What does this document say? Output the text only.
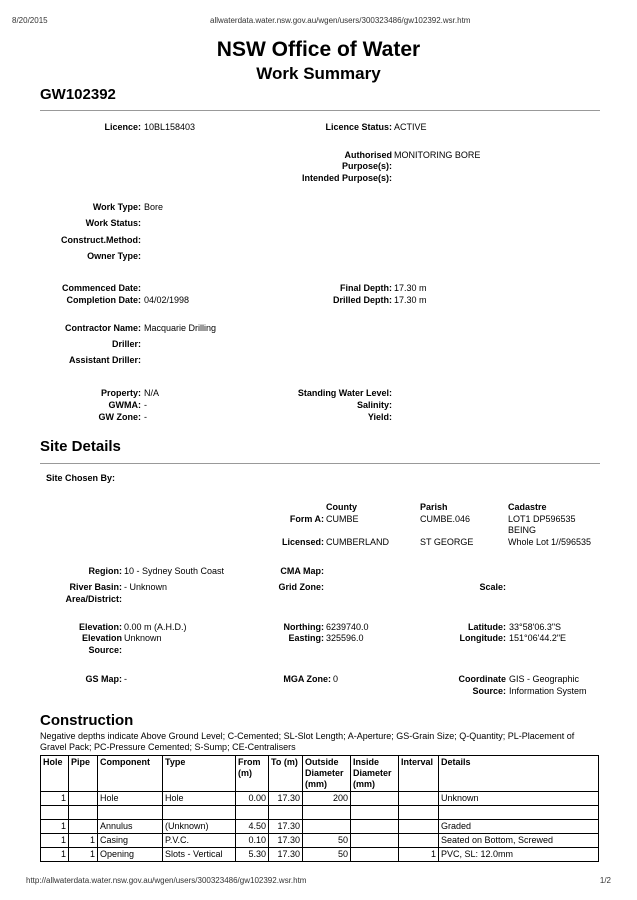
8/20/2015	allwaterdata.water.nsw.gov.au/wgen/users/300323486/gw102392.wsr.htm
NSW Office of Water
Work Summary
GW102392
Licence: 10BL158403	Licence Status: ACTIVE
Authorised MONITORING BORE
Purpose(s):
Intended Purpose(s):
Work Type: Bore
Work Status:
Construct.Method:
Owner Type:
Commenced Date:
Completion Date: 04/02/1998
Final Depth: 17.30 m
Drilled Depth: 17.30 m
Contractor Name: Macquarie Drilling
Driller:
Assistant Driller:
Property: N/A
GWMA: -
GW Zone: -
Standing Water Level:
Salinity:
Yield:
Site Details
Site Chosen By:
County	Parish	Cadastre
Form A: CUMBE	CUMBE.046	LOT1 DP596535
BEING
Licensed: CUMBERLAND	ST GEORGE	Whole Lot 1//596535
Region: 10 - Sydney South Coast	CMA Map:
River Basin: - Unknown
Area/District:
Grid Zone:	Scale:
Elevation: 0.00 m (A.H.D.)
Elevation Unknown
Source:
Northing: 6239740.0
Easting: 325596.0
Latitude: 33°58'06.3"S
Longitude: 151°06'44.2"E
GS Map: -	MGA Zone: 0	Coordinate GIS - Geographic
Source: Information System
Construction
Negative depths indicate Above Ground Level; C-Cemented; SL-Slot Length; A-Aperture; GS-Grain Size; Q-Quantity; PL-Placement of
Gravel Pack; PC-Pressure Cemented; S-Sump; CE-Centralisers
Hole	Pipe	Component	Type	From (m)	To (m)	Outside Diameter (mm)	Inside Diameter (mm)	Interval	Details
1		Hole	Hole	0.00	17.30	200			Unknown

1		Annulus	(Unknown)	4.50	17.30				Graded
1	1	Casing	P.V.C.	0.10	17.30	50			Seated on Bottom, Screwed
1	1	Opening	Slots - Vertical	5.30	17.30	50		1	PVC, SL: 12.0mm
http://allwaterdata.water.nsw.gov.au/wgen/users/300323486/gw102392.wsr.htm	1/2
